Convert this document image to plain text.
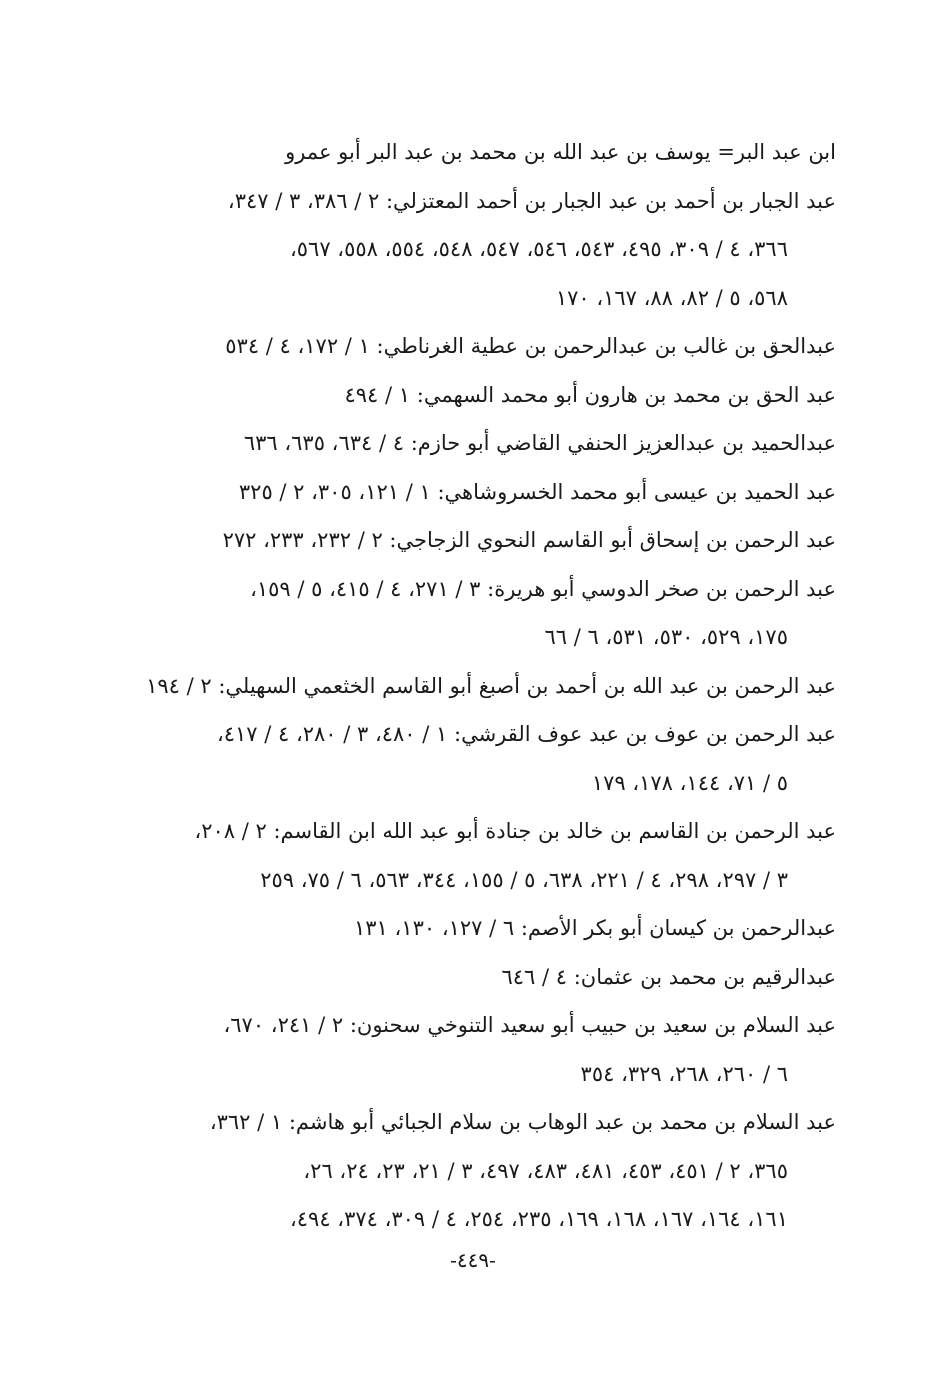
ابن عبد البر= يوسف بن عبد الله بن محمد بن عبد البر أبو عمرو
عبد الجبار بن أحمد بن عبد الجبار بن أحمد المعتزلي: ٢ / ٣٨٦، ٣ / ٣٤٧،
٣٦٦، ٤ / ٣٠٩، ٤٩٥، ٥٤٣، ٥٤٦، ٥٤٧، ٥٤٨، ٥٥٤، ٥٥٨، ٥٦٧،
٥٦٨، ٥ / ٨٢، ٨٨، ١٦٧، ١٧٠
عبدالحق بن غالب بن عبدالرحمن بن عطية الغرناطي: ١ / ١٧٢، ٤ / ٥٣٤
عبد الحق بن محمد بن هارون أبو محمد السهمي: ١ / ٤٩٤
عبدالحميد بن عبدالعزيز الحنفي القاضي أبو حازم: ٤ / ٦٣٤، ٦٣٥، ٦٣٦
عبد الحميد بن عيسى أبو محمد الخسروشاهي: ١ / ١٢١، ٣٠٥، ٢ / ٣٢٥
عبد الرحمن بن إسحاق أبو القاسم النحوي الزجاجي: ٢ / ٢٣٢، ٢٣٣، ٢٧٢
عبد الرحمن بن صخر الدوسي أبو هريرة: ٣ / ٢٧١، ٤ / ٤١٥، ٥ / ١٥٩،
١٧٥، ٥٢٩، ٥٣٠، ٥٣١، ٦ / ٦٦
عبد الرحمن بن عبد الله بن أحمد بن أصبغ أبو القاسم الخثعمي السهيلي: ٢ / ١٩٤
عبد الرحمن بن عوف بن عبد عوف القرشي: ١ / ٤٨٠، ٣ / ٢٨٠، ٤ / ٤١٧،
٥ / ٧١، ١٤٤، ١٧٨، ١٧٩
عبد الرحمن بن القاسم بن خالد بن جنادة أبو عبد الله ابن القاسم: ٢ / ٢٠٨،
٣ / ٢٩٧، ٢٩٨، ٤ / ٢٢١، ٦٣٨، ٥ / ١٥٥، ٣٤٤، ٥٦٣، ٦ / ٧٥، ٢٥٩
عبدالرحمن بن كيسان أبو بكر الأصم: ٦ / ١٢٧، ١٣٠، ١٣١
عبدالرقيم بن محمد بن عثمان: ٤ / ٦٤٦
عبد السلام بن سعيد بن حبيب أبو سعيد التنوخي سحنون: ٢ / ٢٤١، ٦٧٠،
٦ / ٢٦٠، ٢٦٨، ٣٢٩، ٣٥٤
عبد السلام بن محمد بن عبد الوهاب بن سلام الجبائي أبو هاشم: ١ / ٣٦٢،
٣٦٥، ٢ / ٤٥١، ٤٥٣، ٤٨١، ٤٨٣، ٤٩٧، ٣ / ٢١، ٢٣، ٢٤، ٢٦،
١٦١، ١٦٤، ١٦٧، ١٦٨، ١٦٩، ٢٣٥، ٢٥٤، ٤ / ٣٠٩، ٣٧٤، ٤٩٤،
-٤٤٩-
